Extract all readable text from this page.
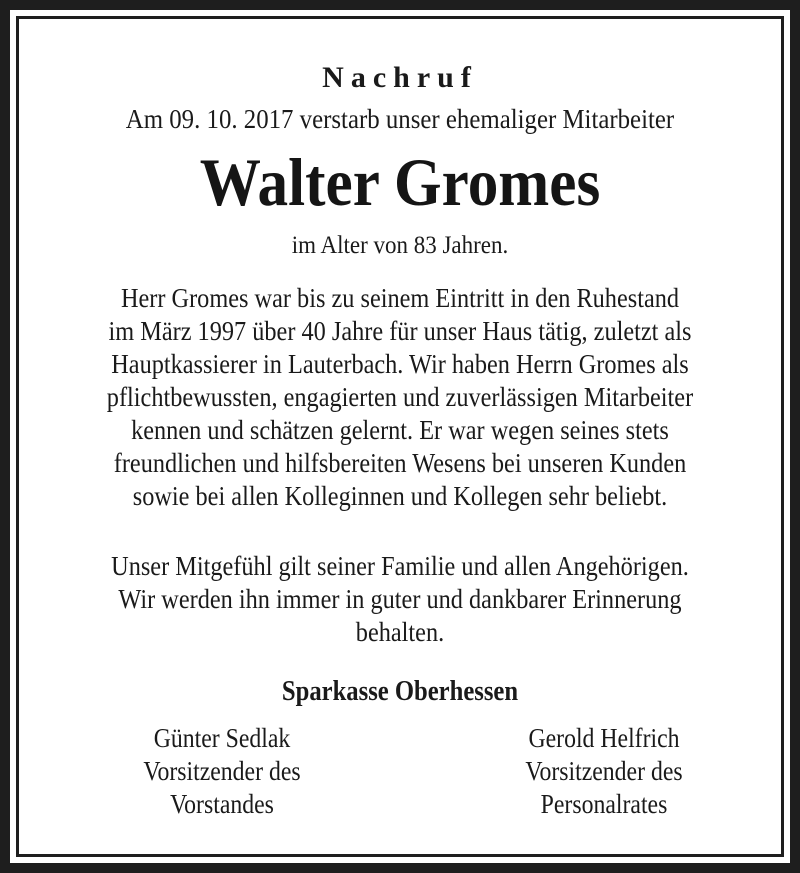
Nachruf
Am 09. 10. 2017 verstarb unser ehemaliger Mitarbeiter
Walter Gromes
im Alter von 83 Jahren.
Herr Gromes war bis zu seinem Eintritt in den Ruhestand
im März 1997 über 40 Jahre für unser Haus tätig, zuletzt als
Hauptkassierer in Lauterbach. Wir haben Herrn Gromes als
pflichtbewussten, engagierten und zuverlässigen Mitarbeiter
kennen und schätzen gelernt. Er war wegen seines stets
freundlichen und hilfsbereiten Wesens bei unseren Kunden
sowie bei allen Kolleginnen und Kollegen sehr beliebt.
Unser Mitgefühl gilt seiner Familie und allen Angehörigen.
Wir werden ihn immer in guter und dankbarer Erinnerung
behalten.
Sparkasse Oberhessen
Günter Sedlak
Vorsitzender des
Vorstandes
Gerold Helfrich
Vorsitzender des
Personalrates
